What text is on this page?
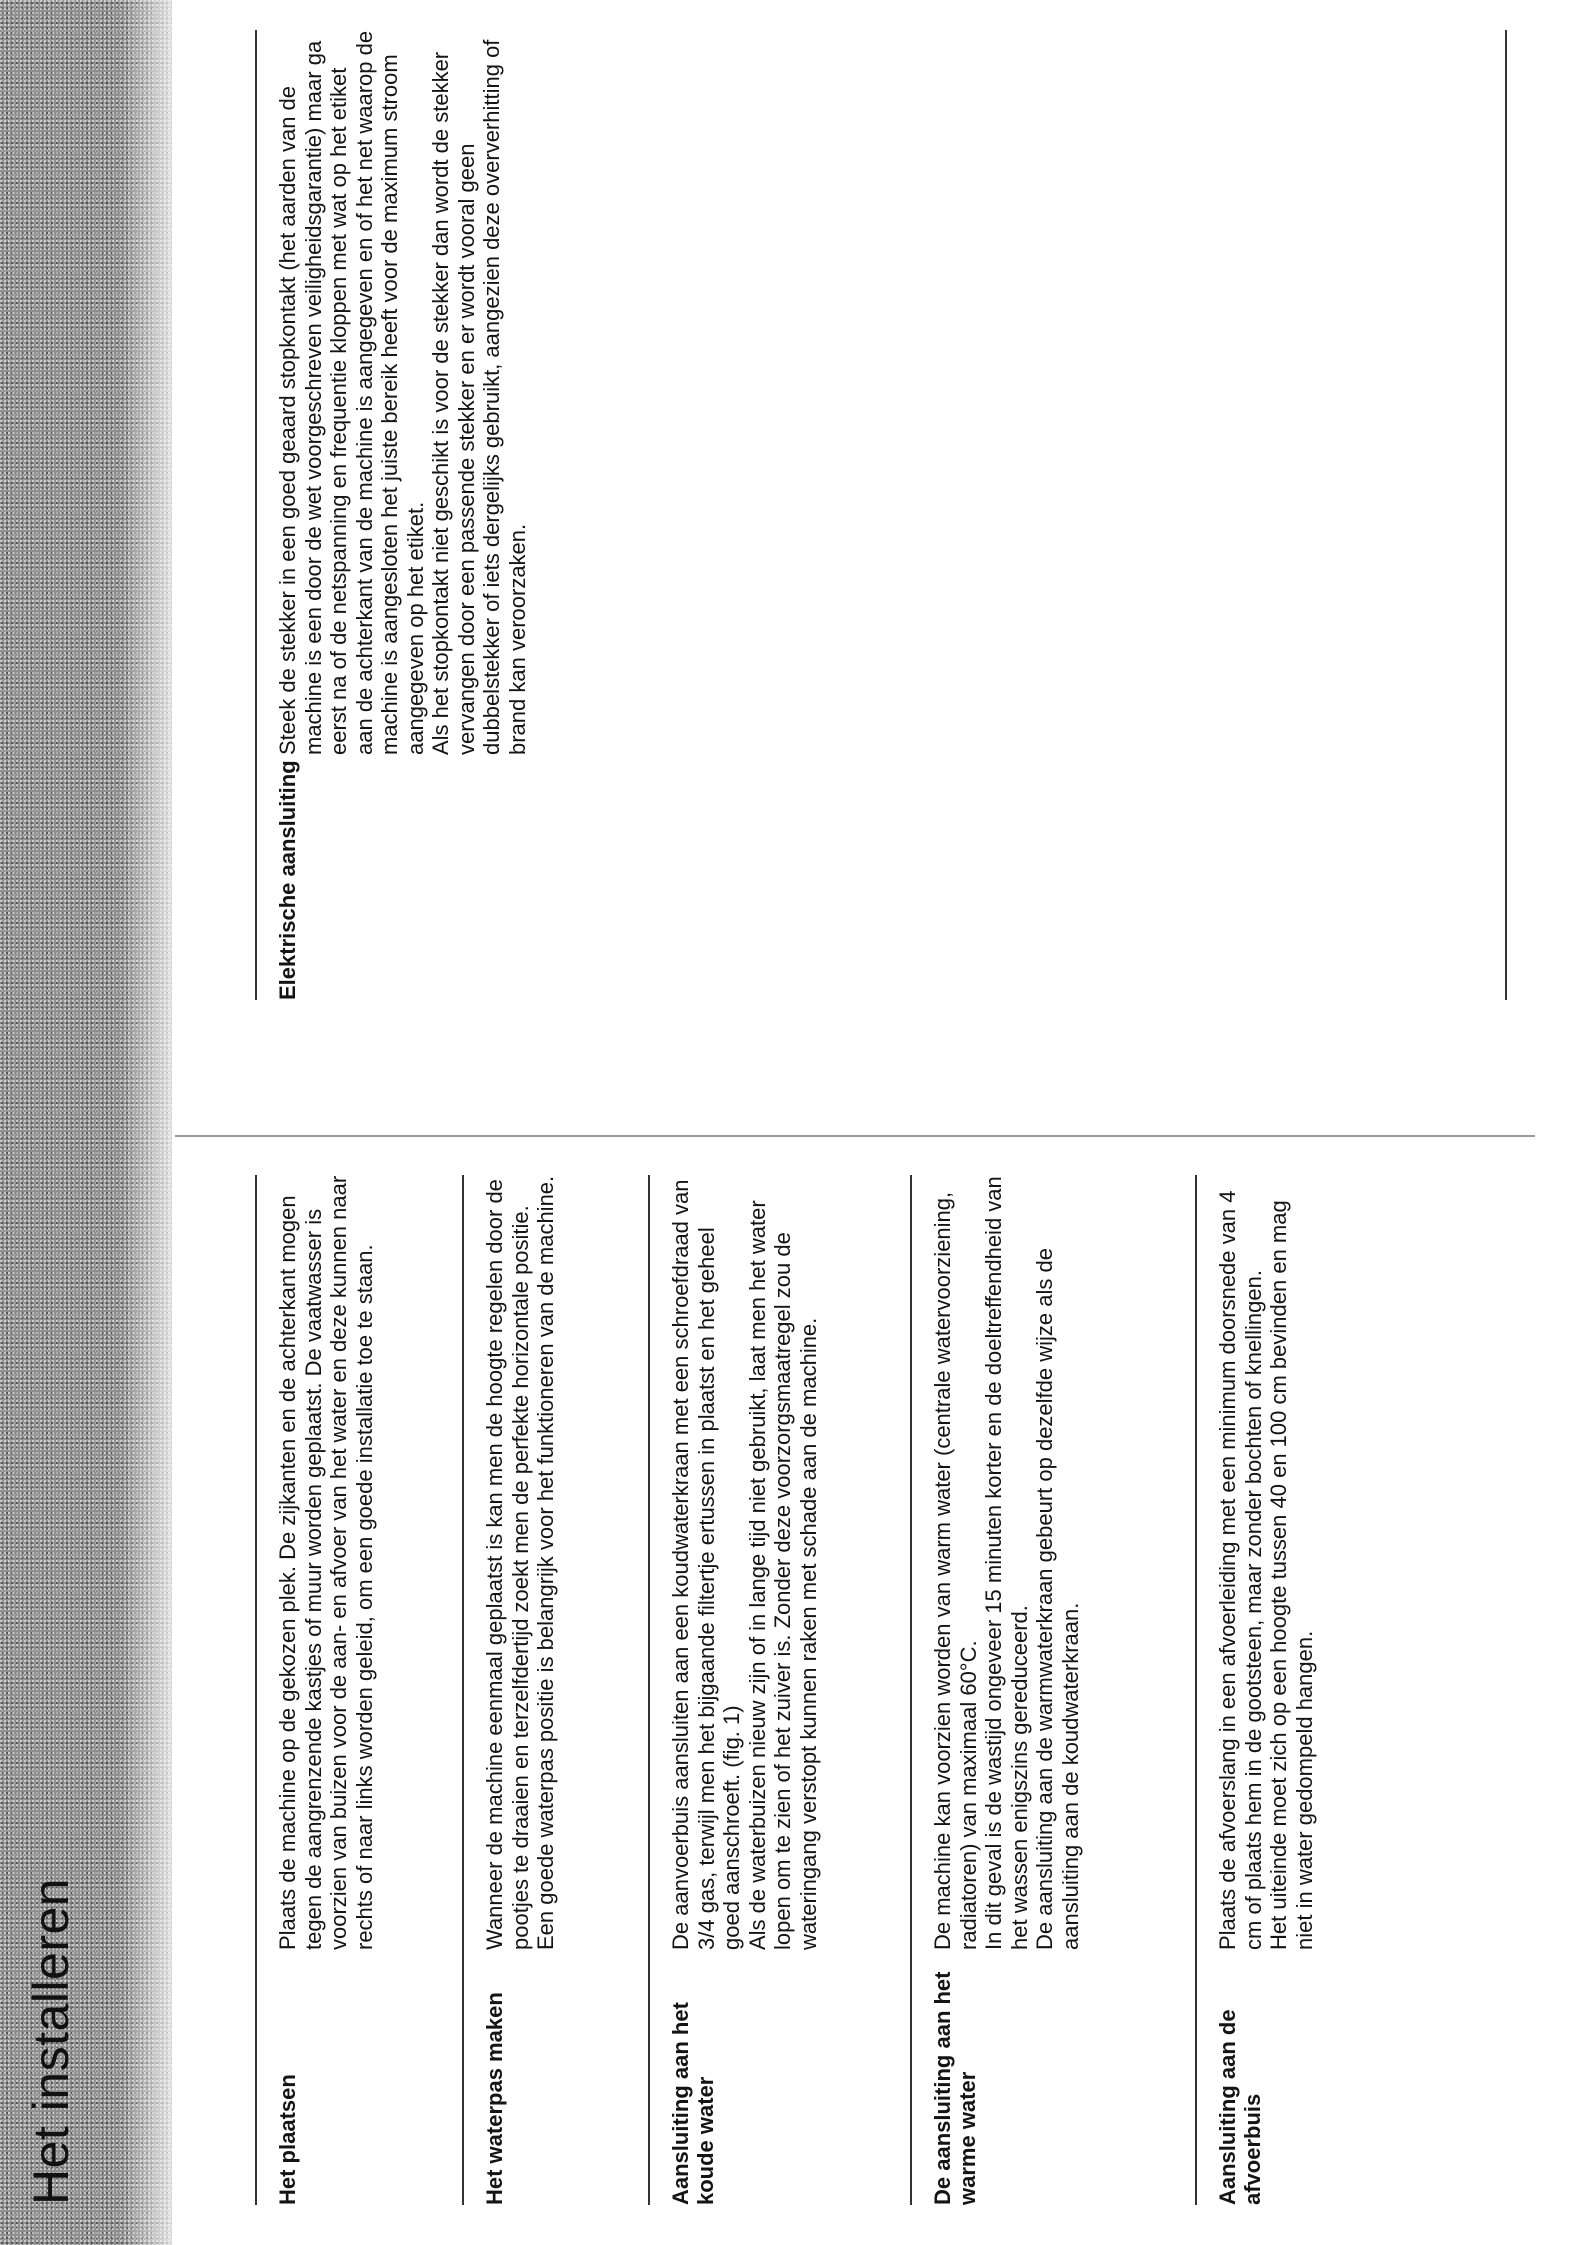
Het installeren	Het plaatsen

Plaats de machine op de gekozen plek. De zijkanten en de achterkant mogen tegen de aangrenzende kastjes of muur worden geplaatst. De vaatwasser is voorzien van buizen voor de aan- en afvoer van het water en deze kunnen naar rechts of naar links worden geleid, om een goede installatie toe te staan.

Het waterpas maken

Wanneer de machine eenmaal geplaatst is kan men de hoogte regelen door de pootjes te draaien en terzelfdertijd zoekt men de perfekte horizontale positie. Een goede waterpas positie is belangrijk voor het funktioneren van de machine.

Aansluiting aan het koude water

De aanvoerbuis aansluiten aan een koudwaterkraan met een schroefdraad van 3/4 gas, terwijl men het bijgaande filtertje ertussen in plaatst en het geheel goed aanschroeft. (fig. 1) Als de waterbuizen nieuw zijn of in lange tijd niet gebruikt, laat men het water lopen om te zien of het zuiver is. Zonder deze voorzorgsmaatregel zou de wateringang verstopt kunnen raken met schade aan de machine.

De aansluiting aan het warme water

De machine kan voorzien worden van warm water (centrale watervoorziening, radiatoren) van maximaal 60°C. In dit geval is de wastijd ongeveer 15 minuten korter en de doeltreffendheid van het wassen enigszins gereduceerd. De aansluiting aan de warmwaterkraan gebeurt op dezelfde wijze als de aansluiting aan de koudwaterkraan.

Aansluiting aan de afvoerbuis

Plaats de afvoerslang in een afvoerleiding met een minimum doorsnede van 4 cm of plaats hem in de gootsteen, maar zonder bochten of knellingen. Het uiteinde moet zich op een hoogte tussen 40 en 100 cm bevinden en mag niet in water gedompeld hangen.

Elektrische aansluiting

Steek de stekker in een goed geaard stopkontakt (het aarden van de machine is een door de wet voorgeschreven veiligheidsgarantie) maar ga eerst na of de netspanning en frequentie kloppen met wat op het etiket aan de achterkant van de machine is aangegeven en of het net waarop de machine is aangesloten het juiste bereik heeft voor de maximum stroom aangegeven op het etiket. Als het stopkontakt niet geschikt is voor de stekker dan wordt de stekker vervangen door een passende stekker en er wordt vooral geen dubbelstekker of iets dergelijks gebruikt, aangezien deze oververhitting of brand kan veroorzaken.
